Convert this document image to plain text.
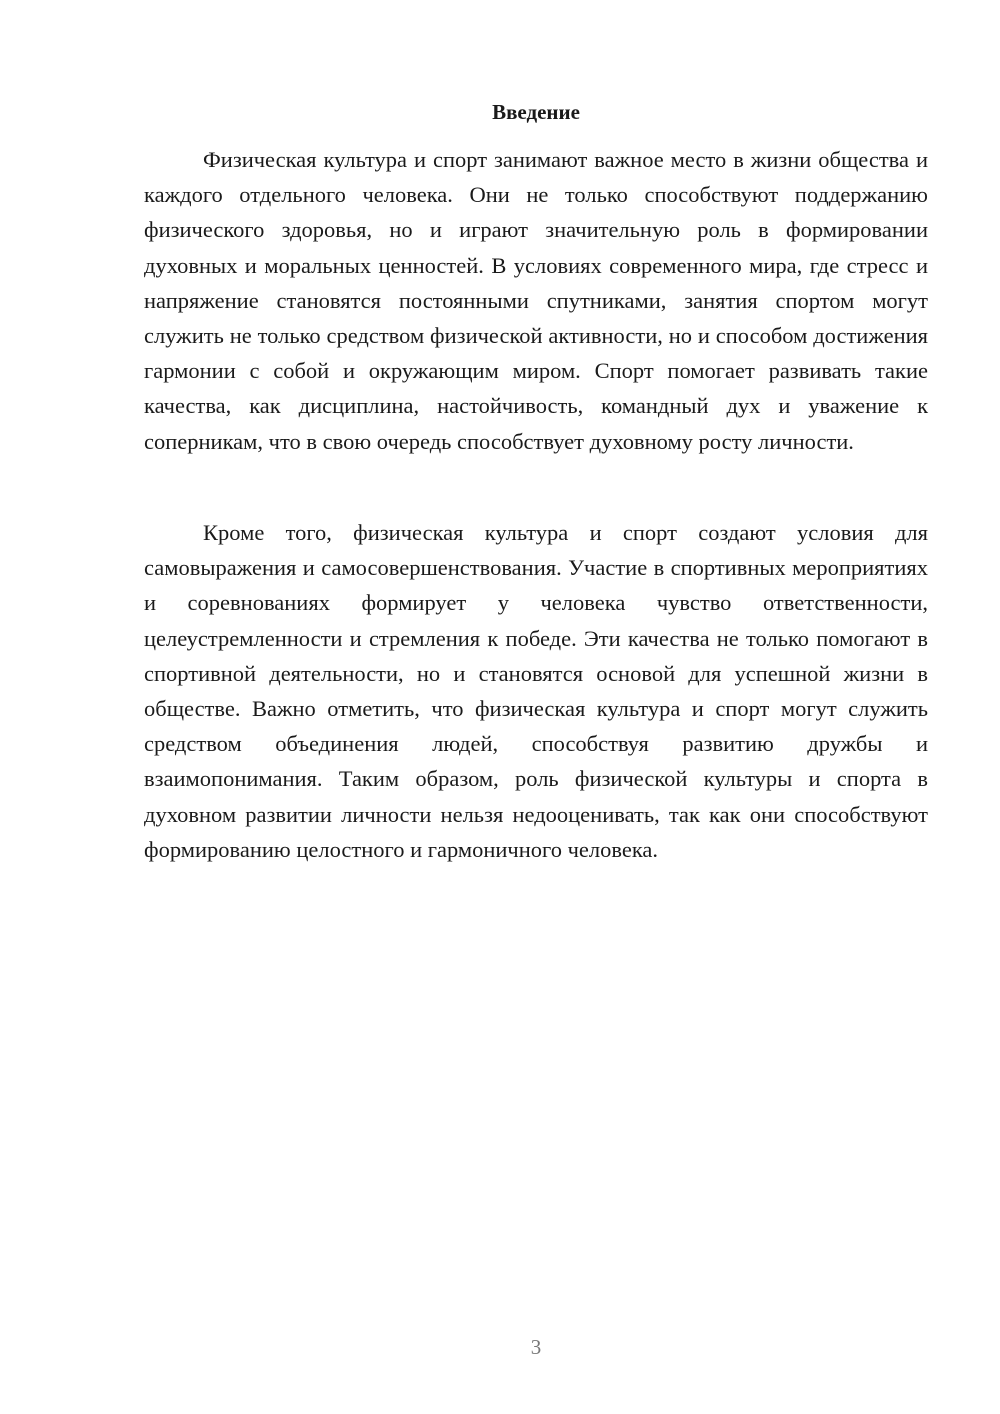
Введение

Физическая культура и спорт занимают важное место в жизни общества и каждого отдельного человека. Они не только способствуют поддержанию физического здоровья, но и играют значительную роль в формировании духовных и моральных ценностей. В условиях современного мира, где стресс и напряжение становятся постоянными спутниками, занятия спортом могут служить не только средством физической активности, но и способом достижения гармонии с собой и окружающим миром. Спорт помогает развивать такие качества, как дисциплина, настойчивость, командный дух и уважение к соперникам, что в свою очередь способствует духовному росту личности.

Кроме того, физическая культура и спорт создают условия для самовыражения и самосовершенствования. Участие в спортивных мероприятиях и соревнованиях формирует у человека чувство ответственности, целеустремленности и стремления к победе. Эти качества не только помогают в спортивной деятельности, но и становятся основой для успешной жизни в обществе. Важно отметить, что физическая культура и спорт могут служить средством объединения людей, способствуя развитию дружбы и взаимопонимания. Таким образом, роль физической культуры и спорта в духовном развитии личности нельзя недооценивать, так как они способствуют формированию целостного и гармоничного человека.

3
